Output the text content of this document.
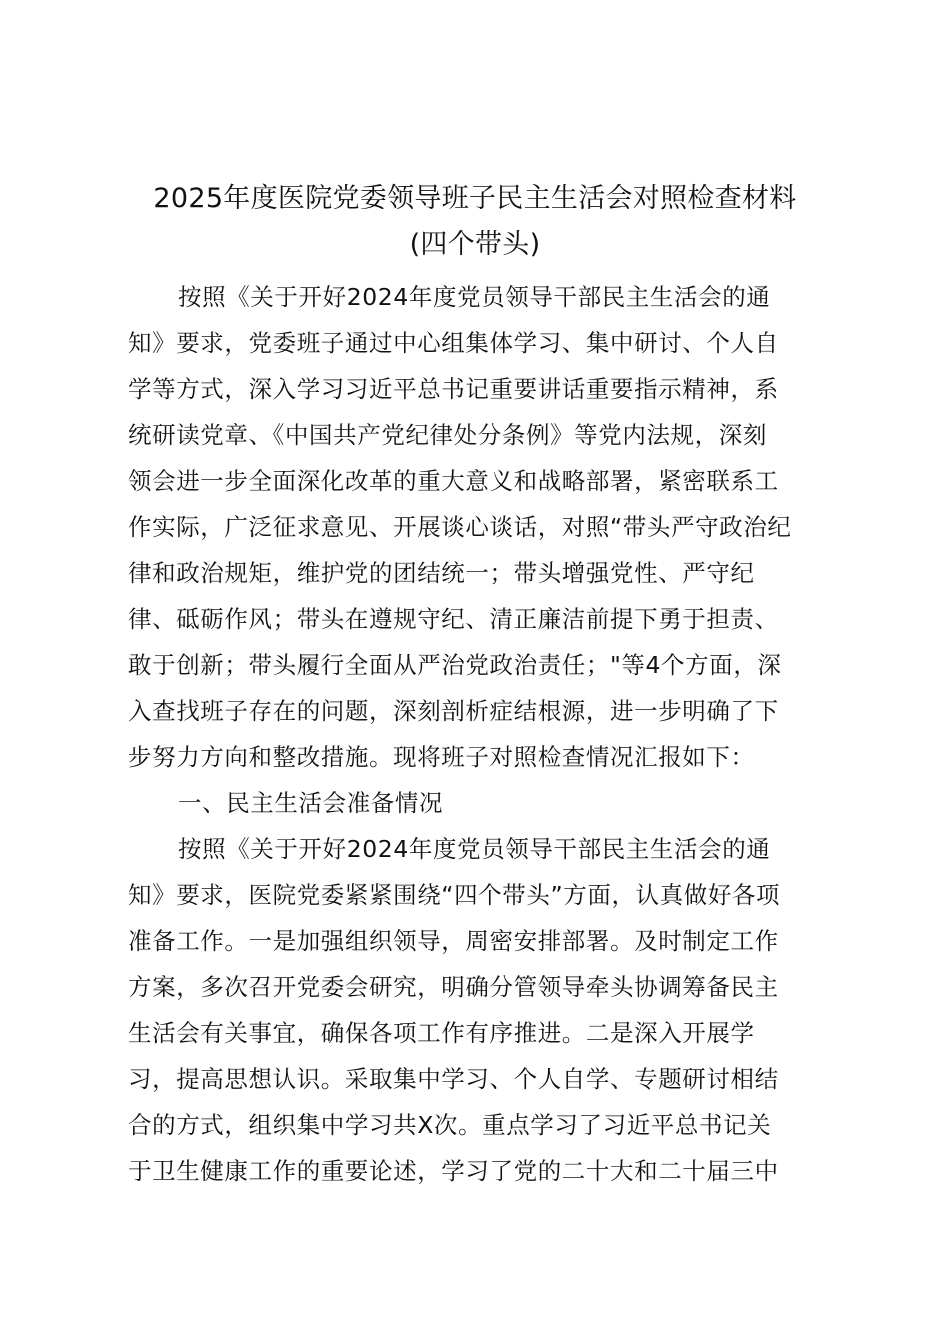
2025年度医院党委领导班子民主生活会对照检查材料
(四个带头)
按照《关于开好2024年度党员领导干部民主生活会的通
知》要求，党委班子通过中心组集体学习、集中研讨、个人自
学等方式，深入学习习近平总书记重要讲话重要指示精神，系
统研读党章、《中国共产党纪律处分条例》等党内法规，深刻
领会进一步全面深化改革的重大意义和战略部署，紧密联系工
作实际，广泛征求意见、开展谈心谈话，对照“带头严守政治纪
律和政治规矩，维护党的团结统一；带头增强党性、严守纪
律、砥砺作风；带头在遵规守纪、清正廉洁前提下勇于担责、
敢于创新；带头履行全面从严治党政治责任；"等4个方面，深
入查找班子存在的问题，深刻剖析症结根源，进一步明确了下
步努力方向和整改措施。现将班子对照检查情况汇报如下：
一、民主生活会准备情况
按照《关于开好2024年度党员领导干部民主生活会的通
知》要求，医院党委紧紧围绕“四个带头”方面，认真做好各项
准备工作。一是加强组织领导，周密安排部署。及时制定工作
方案，多次召开党委会研究，明确分管领导牵头协调筹备民主
生活会有关事宜，确保各项工作有序推进。二是深入开展学
习，提高思想认识。采取集中学习、个人自学、专题研讨相结
合的方式，组织集中学习共X次。重点学习了习近平总书记关
于卫生健康工作的重要论述，学习了党的二十大和二十届三中
